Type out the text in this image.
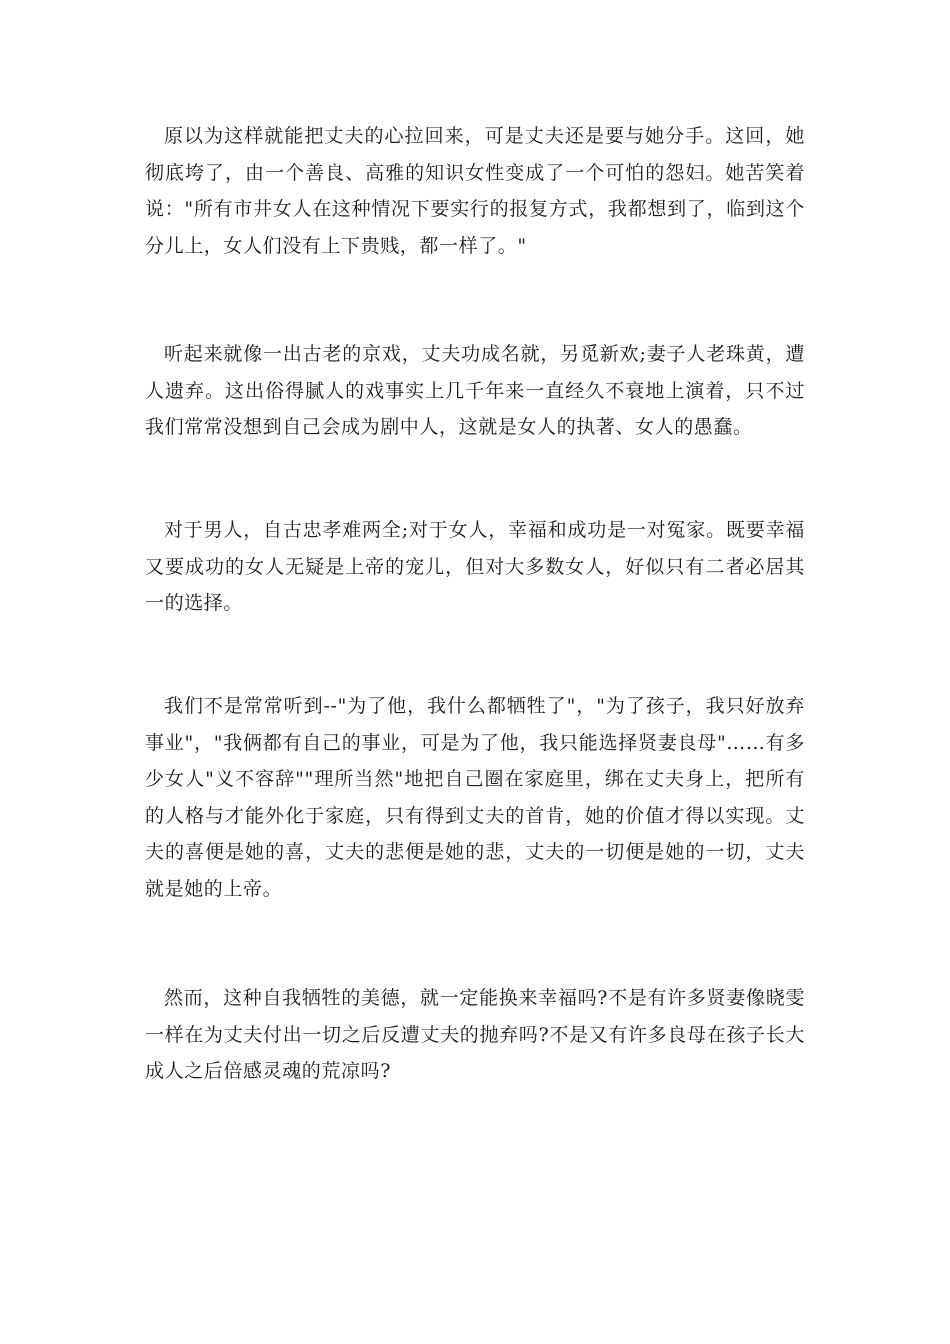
原以为这样就能把丈夫的心拉回来，可是丈夫还是要与她分手。这回，她彻底垮了，由一个善良、高雅的知识女性变成了一个可怕的怨妇。她苦笑着说："所有市井女人在这种情况下要实行的报复方式，我都想到了，临到这个分儿上，女人们没有上下贵贱，都一样了。"

听起来就像一出古老的京戏，丈夫功成名就，另觅新欢;妻子人老珠黄，遭人遗弃。这出俗得腻人的戏事实上几千年来一直经久不衰地上演着，只不过我们常常没想到自己会成为剧中人，这就是女人的执著、女人的愚蠢。

对于男人，自古忠孝难两全;对于女人，幸福和成功是一对冤家。既要幸福又要成功的女人无疑是上帝的宠儿，但对大多数女人，好似只有二者必居其一的选择。

我们不是常常听到--"为了他，我什么都牺牲了"，"为了孩子，我只好放弃事业"，"我俩都有自己的事业，可是为了他，我只能选择贤妻良母"……有多少女人"义不容辞""理所当然"地把自己圈在家庭里，绑在丈夫身上，把所有的人格与才能外化于家庭，只有得到丈夫的首肯，她的价值才得以实现。丈夫的喜便是她的喜，丈夫的悲便是她的悲，丈夫的一切便是她的一切，丈夫就是她的上帝。

然而，这种自我牺牲的美德，就一定能换来幸福吗?不是有许多贤妻像晓雯一样在为丈夫付出一切之后反遭丈夫的抛弃吗?不是又有许多良母在孩子长大成人之后倍感灵魂的荒凉吗?
